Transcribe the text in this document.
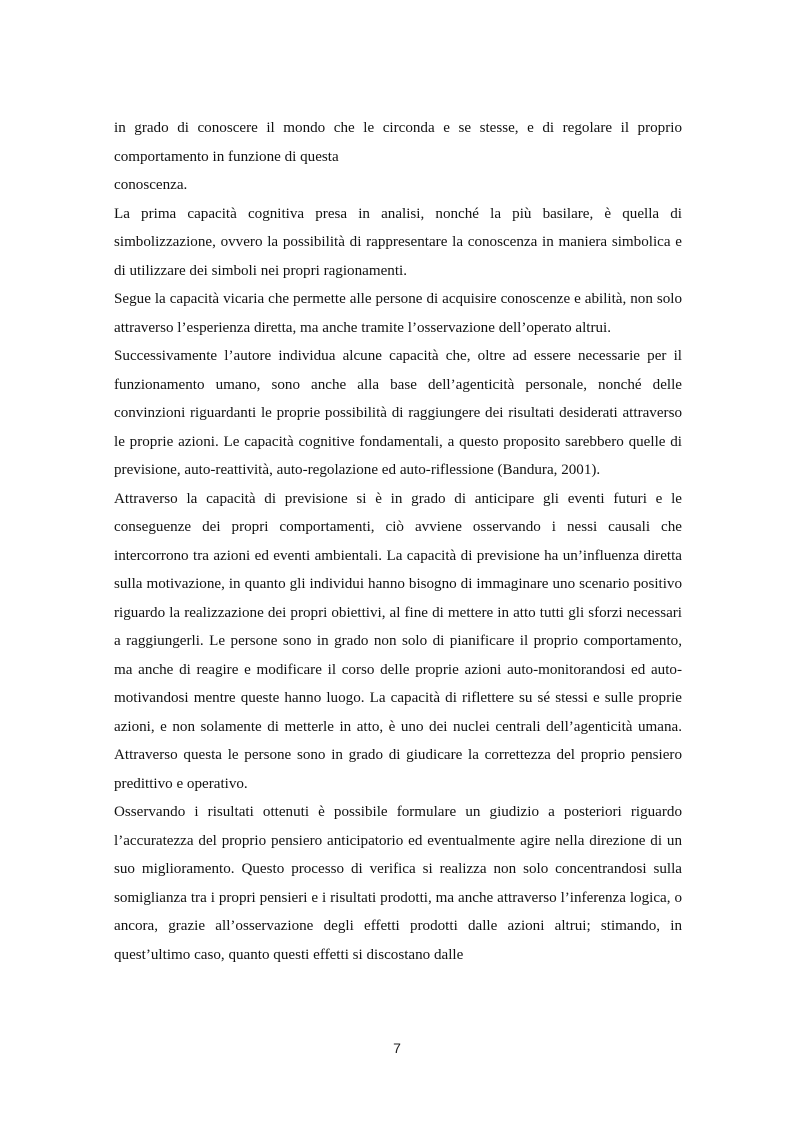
in grado di conoscere il mondo che le circonda e se stesse, e di regolare il proprio comportamento in funzione di questa

conoscenza.

La prima capacità cognitiva presa in analisi, nonché la più basilare, è quella di simbolizzazione, ovvero la possibilità di rappresentare la conoscenza in maniera simbolica e di utilizzare dei simboli nei propri ragionamenti.

Segue la capacità vicaria che permette alle persone di acquisire conoscenze e abilità, non solo attraverso l’esperienza diretta, ma anche tramite l’osservazione dell’operato altrui.

Successivamente l’autore individua alcune capacità che, oltre ad essere necessarie per il funzionamento umano, sono anche alla base dell’agenticità personale, nonché delle convinzioni riguardanti le proprie possibilità di raggiungere dei risultati desiderati attraverso le proprie azioni. Le capacità cognitive fondamentali, a questo proposito sarebbero quelle di previsione, auto-reattività, auto-regolazione ed auto-riflessione (Bandura, 2001).

Attraverso la capacità di previsione si è in grado di anticipare gli eventi futuri e le conseguenze dei propri comportamenti, ciò avviene osservando i nessi causali che intercorrono tra azioni ed eventi ambientali. La capacità di previsione ha un’influenza diretta sulla motivazione, in quanto gli individui hanno bisogno di immaginare uno scenario positivo riguardo la realizzazione dei propri obiettivi, al fine di mettere in atto tutti gli sforzi necessari a raggiungerli. Le persone sono in grado non solo di pianificare il proprio comportamento, ma anche di reagire e modificare il corso delle proprie azioni auto-monitorandosi ed auto-motivandosi mentre queste hanno luogo. La capacità di riflettere su sé stessi e sulle proprie azioni, e non solamente di metterle in atto, è uno dei nuclei centrali dell’agenticità umana. Attraverso questa le persone sono in grado di giudicare la correttezza del proprio pensiero predittivo e operativo.

Osservando i risultati ottenuti è possibile formulare un giudizio a posteriori riguardo l’accuratezza del proprio pensiero anticipatorio ed eventualmente agire nella direzione di un suo miglioramento. Questo processo di verifica si realizza non solo concentrandosi sulla somiglianza tra i propri pensieri e i risultati prodotti, ma anche attraverso l’inferenza logica, o ancora, grazie all’osservazione degli effetti prodotti dalle azioni altrui; stimando, in quest’ultimo caso, quanto questi effetti si discostano dalle

7
